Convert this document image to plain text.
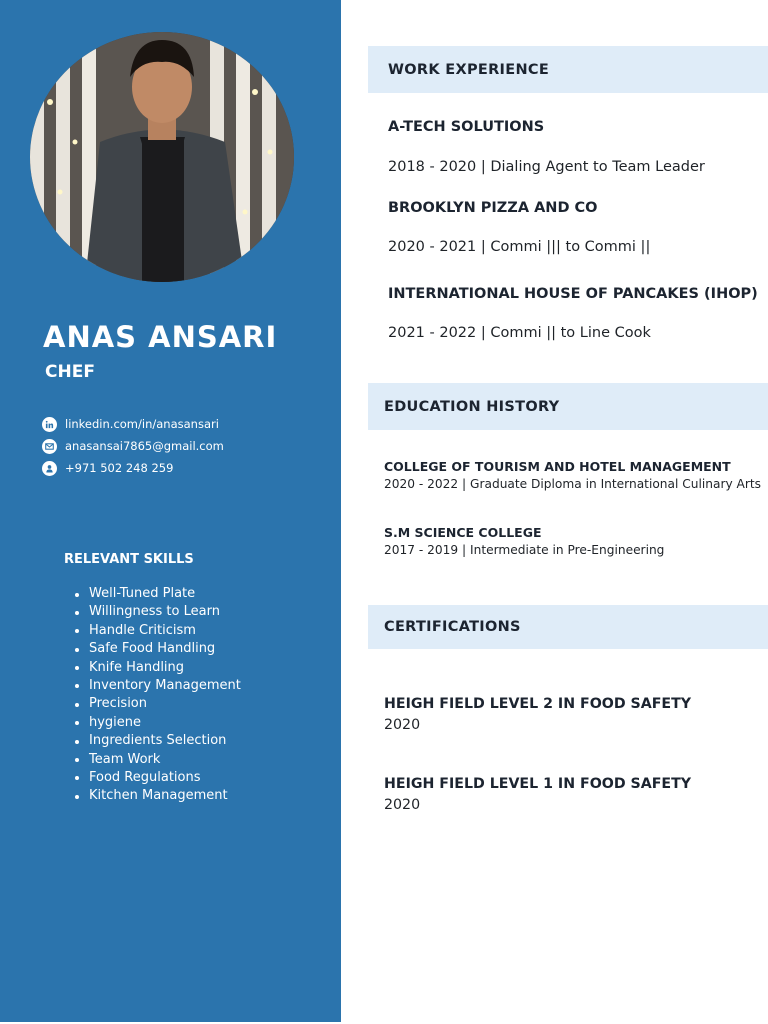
ANAS ANSARI
CHEF
linkedin.com/in/anasansari
anasansai7865@gmail.com
+971 502 248 259
RELEVANT SKILLS
Well-Tuned Plate
Willingness to Learn
Handle Criticism
Safe Food Handling
Knife Handling
Inventory Management
Precision
hygiene
Ingredients Selection
Team Work
Food Regulations
Kitchen Management
WORK EXPERIENCE
A-TECH SOLUTIONS
2018 - 2020 | Dialing Agent to Team Leader
BROOKLYN PIZZA AND CO
2020 - 2021 | Commi ||| to Commi ||
INTERNATIONAL HOUSE OF PANCAKES (IHOP)
2021 - 2022 | Commi || to Line Cook
EDUCATION HISTORY
COLLEGE OF TOURISM AND HOTEL MANAGEMENT
2020 - 2022 | Graduate Diploma in International Culinary Arts
S.M SCIENCE COLLEGE
2017 - 2019 | Intermediate in Pre-Engineering
CERTIFICATIONS
HEIGH FIELD LEVEL 2 IN FOOD SAFETY
2020
HEIGH FIELD LEVEL 1 IN FOOD SAFETY
2020
